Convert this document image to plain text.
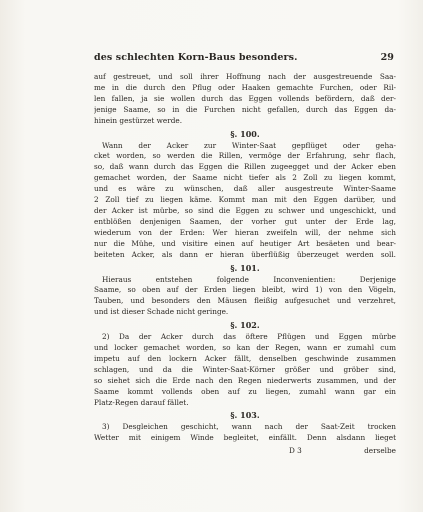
des schlechten Korn-Baus besonders.	29
auf gestreuet, und soll ihrer Hoffnung nach der ausgestreuende Saa-
me in die durch den Pflug oder Haaken gemachte Furchen, oder Ril-
len fallen, ja sie wollen durch das Eggen vollends befördern, daß der-
jenige Saame, so in die Furchen nicht gefallen, durch das Eggen da-
hinein gestürzet werde.
§. 100.
Wann der Acker zur Winter-Saat gepflüget oder geha-
cket worden, so werden die Rillen, vermöge der Erfahrung, sehr flach,
so, daß wann durch das Eggen die Rillen zugeegget und der Acker eben
gemachet worden, der Saame nicht tiefer als 2 Zoll zu liegen kommt,
und es wäre zu wünschen, daß aller ausgestreute Winter-Saame
2 Zoll tief zu liegen käme. Kommt man mit den Eggen darüber, und
der Acker ist mürbe, so sind die Eggen zu schwer und ungeschickt, und
entblößen denjenigen Saamen, der vorher gut unter der Erde lag,
wiederum von der Erden: Wer hieran zweifeln will, der nehme sich
nur die Mühe, und visitire einen auf heutiger Art besäeten und bear-
beiteten Acker, als dann er hieran überflüßig überzeuget werden soll.
§. 101.
Hieraus entstehen folgende Inconvenientien: Derjenige
Saame, so oben auf der Erden liegen bleibt, wird 1) von den Vögeln,
Tauben, und besonders den Mäusen fleißig aufgesuchet und verzehret,
und ist dieser Schade nicht geringe.
§. 102.
2) Da der Acker durch das öftere Pflügen und Eggen mürbe
und locker gemachet worden, so kan der Regen, wann er zumahl cum
impetu auf den lockern Acker fällt, denselben geschwinde zusammen
schlagen, und da die Winter-Saat-Körner größer und gröber sind,
so siehet sich die Erde nach den Regen niederwerts zusammen, und der
Saame kommt vollends oben auf zu liegen, zumahl wann gar ein
Platz-Regen darauf fället.
§. 103.
3) Desgleichen geschicht, wann nach der Saat-Zeit trocken
Wetter mit einigem Winde begleitet, einfällt. Denn alsdann lieget
D 3	derselbe
